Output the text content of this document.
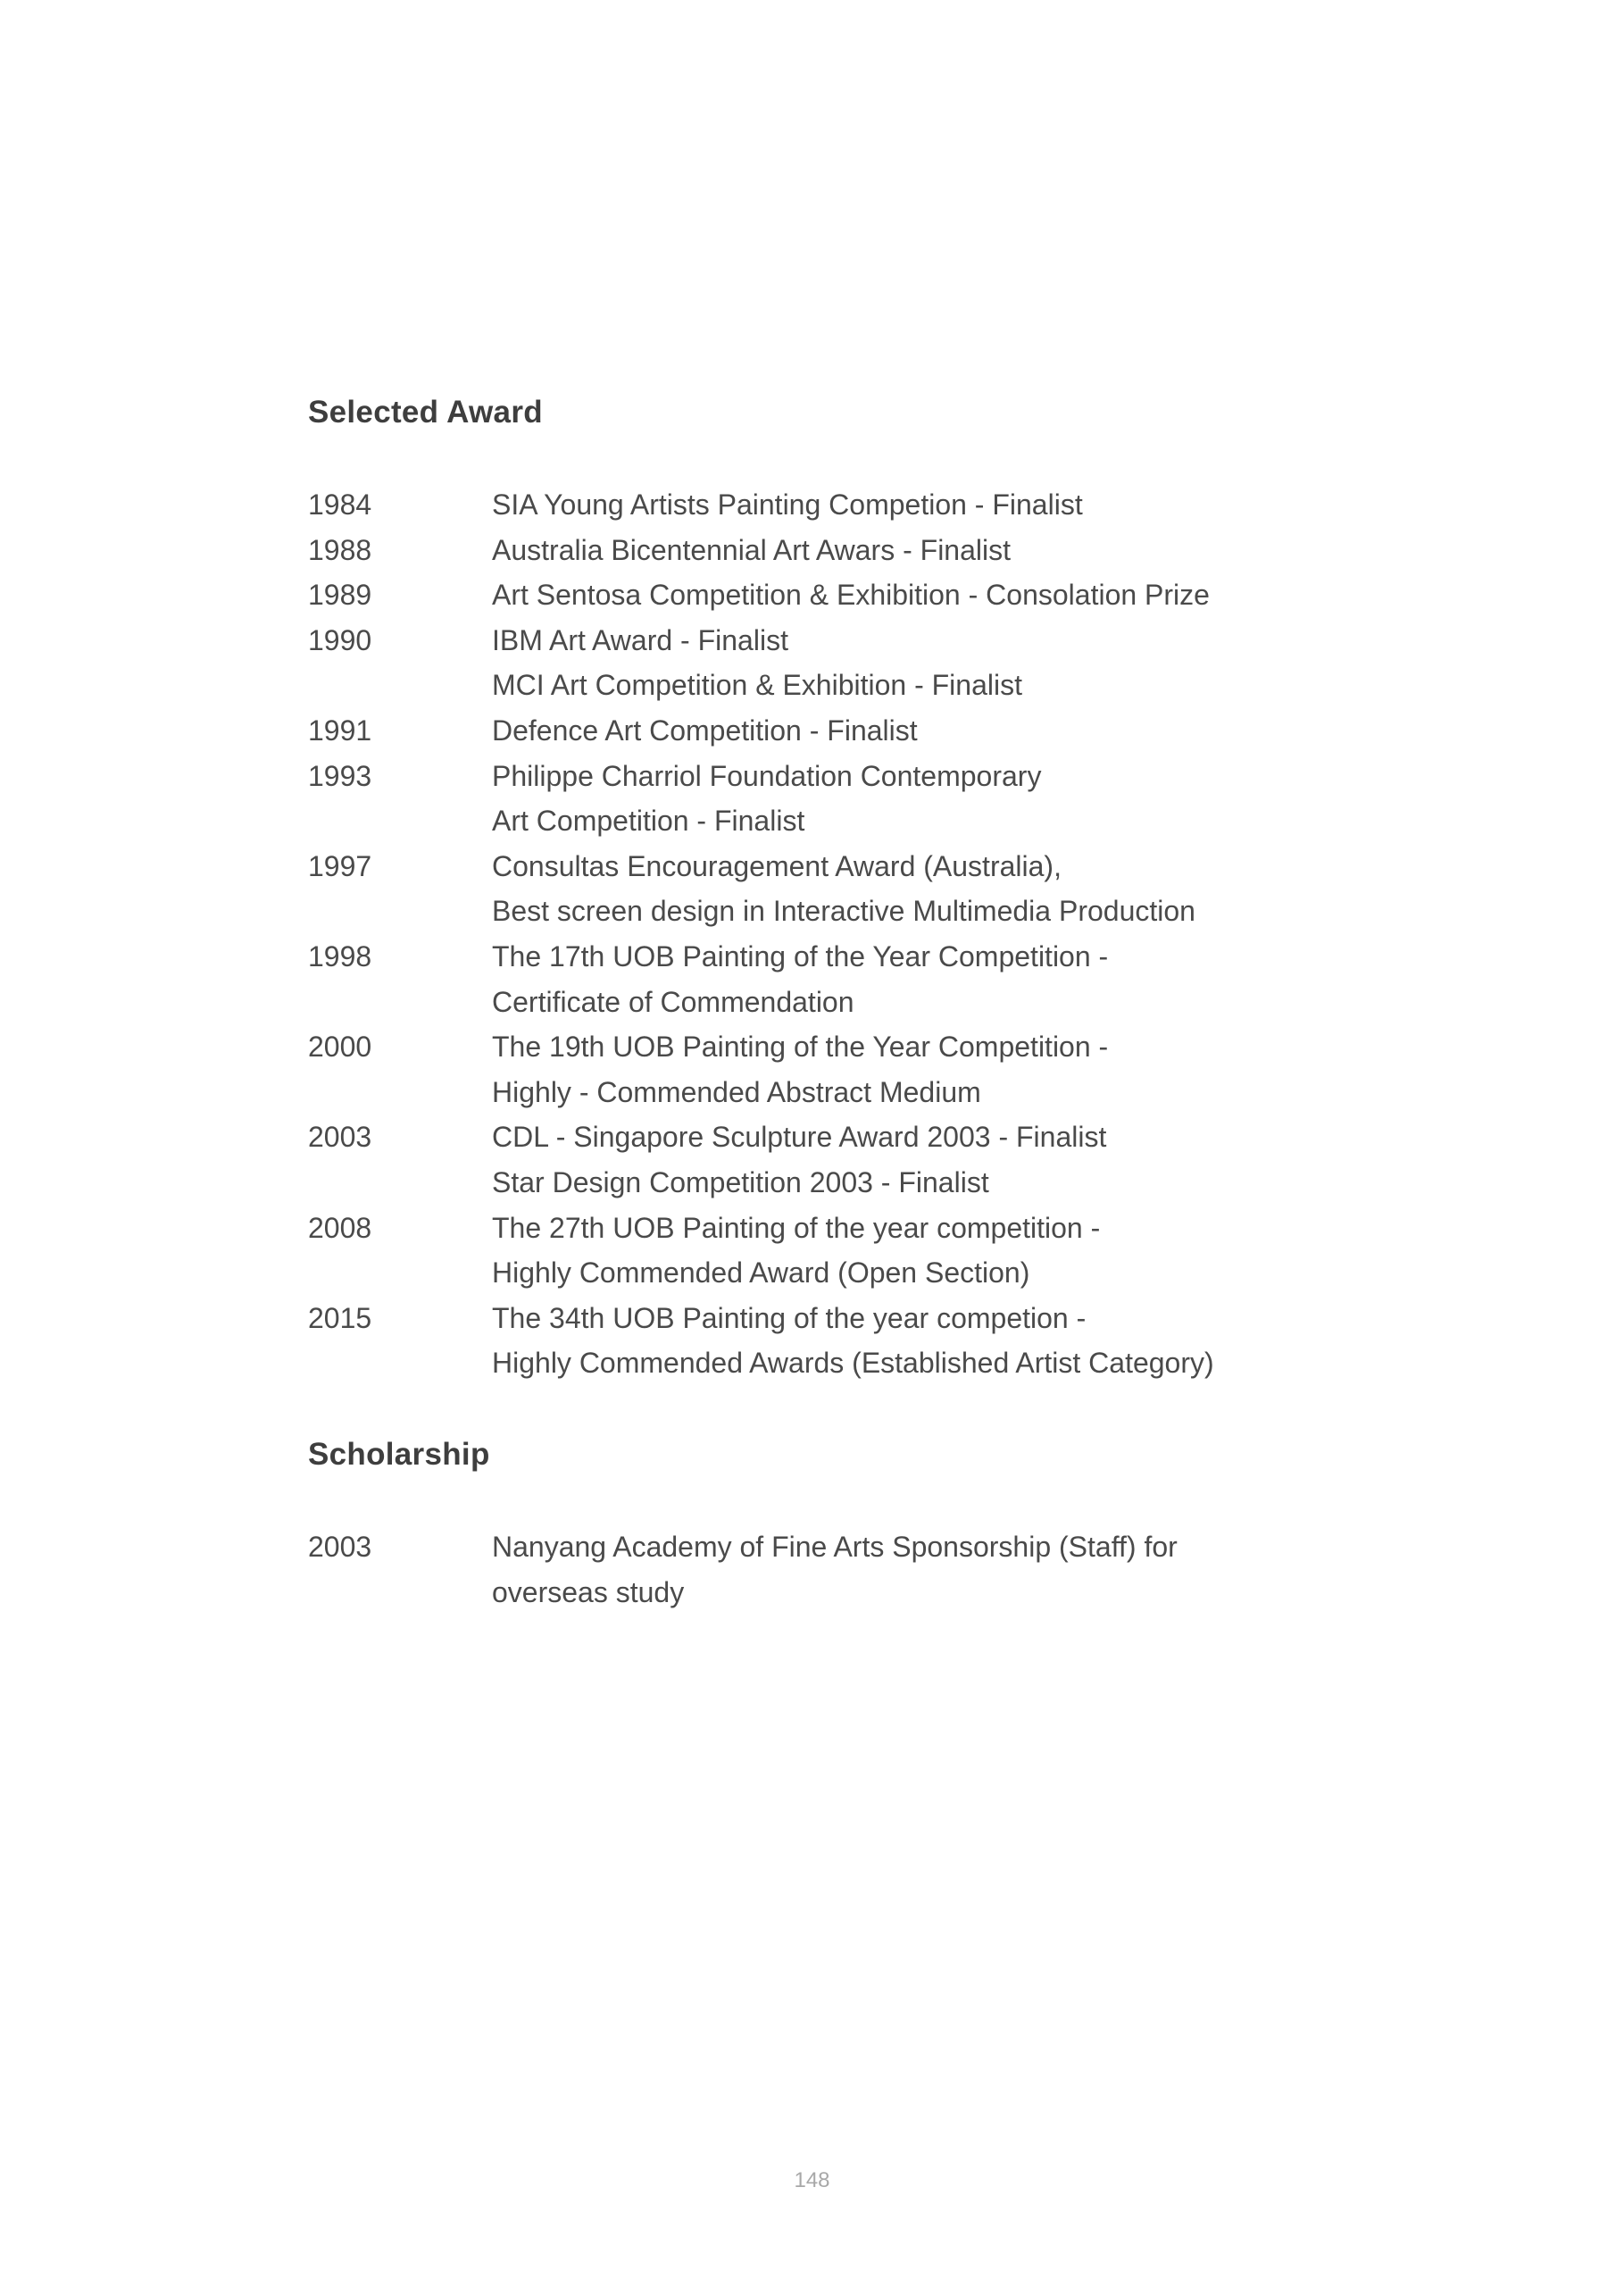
Selected Award
1984	SIA Young Artists Painting Competion - Finalist
1988	Australia Bicentennial Art Awars - Finalist
1989	Art Sentosa Competition & Exhibition - Consolation Prize
1990	IBM Art Award - Finalist
MCI Art Competition & Exhibition - Finalist
1991	Defence Art Competition - Finalist
1993	Philippe Charriol Foundation Contemporary
Art Competition - Finalist
1997	Consultas Encouragement Award (Australia),
Best screen design in Interactive Multimedia Production
1998	The 17th UOB Painting of the Year Competition -
Certificate of Commendation
2000	The 19th UOB Painting of the Year Competition -
Highly - Commended Abstract Medium
2003	CDL - Singapore Sculpture Award 2003 - Finalist
Star Design Competition 2003 - Finalist
2008	The 27th UOB Painting of the year competition -
Highly Commended Award (Open Section)
2015	The 34th UOB Painting of the year competion -
Highly Commended Awards (Established Artist Category)
Scholarship
2003	Nanyang Academy of Fine Arts Sponsorship (Staff) for
overseas study
148
